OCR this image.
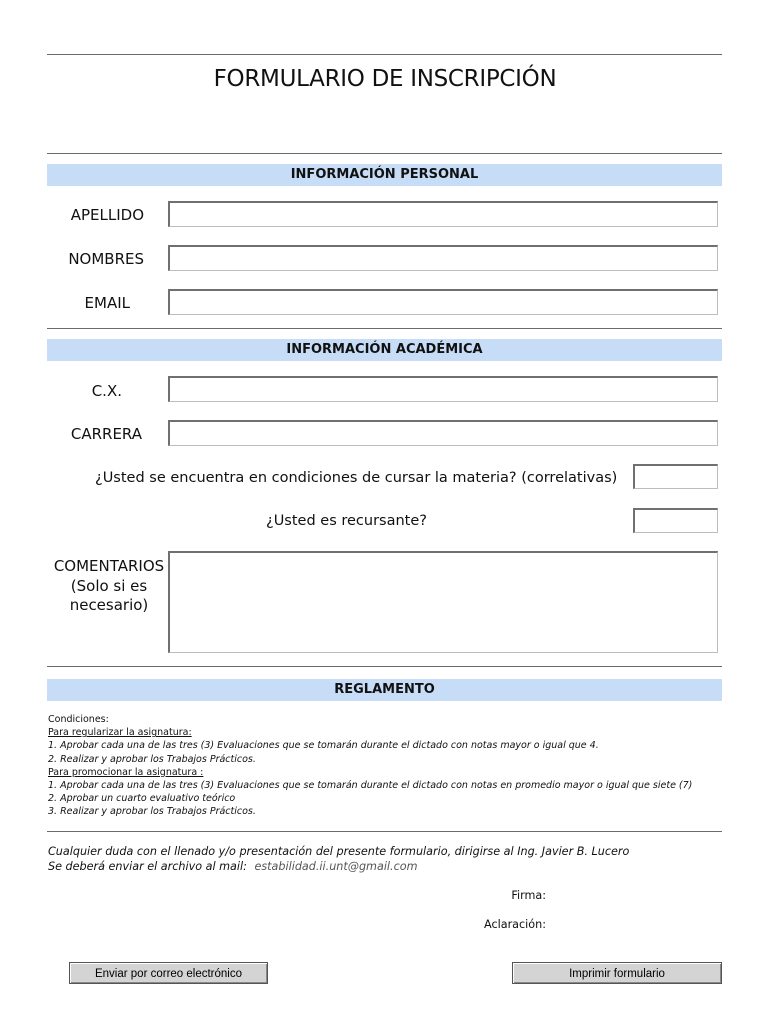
FORMULARIO DE INSCRIPCIÓN
INFORMACIÓN PERSONAL
APELLIDO
NOMBRES
EMAIL
INFORMACIÓN ACADÉMICA
C.X.
CARRERA
¿Usted se encuentra en condiciones de cursar la materia? (correlativas)
¿Usted es recursante?
COMENTARIOS
(Solo si es
necesario)
REGLAMENTO
Condiciones:
Para regularizar la asignatura:
1. Aprobar cada una de las tres (3) Evaluaciones que se tomarán durante el dictado con notas mayor o igual que 4.
2. Realizar y aprobar los Trabajos Prácticos.
Para promocionar la asignatura :
1. Aprobar cada una de las tres (3) Evaluaciones que se tomarán durante el dictado con notas en promedio mayor o igual que siete (7)
2. Aprobar un cuarto evaluativo teórico
3. Realizar y aprobar los Trabajos Prácticos.
Cualquier duda con el llenado y/o presentación del presente formulario, dirigirse al Ing. Javier B. Lucero
Se deberá enviar el archivo al mail: estabilidad.ii.unt@gmail.com
Firma:
Aclaración:
Enviar por correo electrónico	Imprimir formulario
